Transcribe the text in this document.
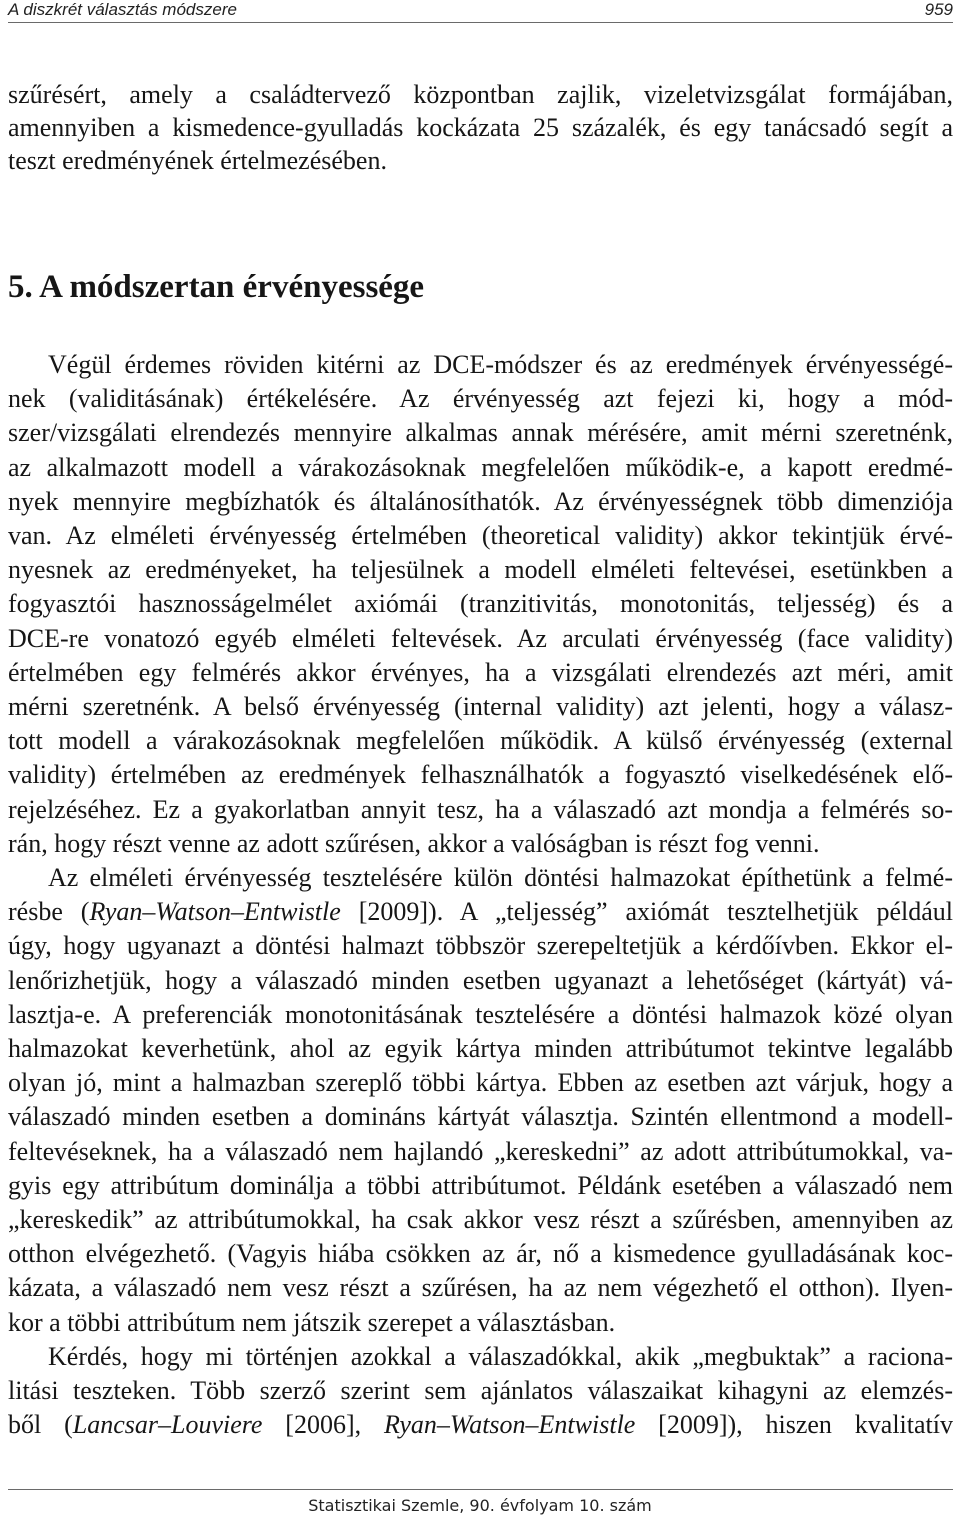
A diszkrét választás módszere	959
szűrésért, amely a családtervező központban zajlik, vizeletvizsgálat formájában,
amennyiben a kismedence-gyulladás kockázata 25 százalék, és egy tanácsadó segít a
teszt eredményének értelmezésében.
5. A módszertan érvényessége

Végül érdemes röviden kitérni az DCE-módszer és az eredmények érvényességé-
nek (validitásának) értékelésére. Az érvényesség azt fejezi ki, hogy a mód-
szer/vizsgálati elrendezés mennyire alkalmas annak mérésére, amit mérni szeretnénk,
az alkalmazott modell a várakozásoknak megfelelően működik-e, a kapott eredmé-
nyek mennyire megbízhatók és általánosíthatók. Az érvényességnek több dimenziója
van. Az elméleti érvényesség értelmében (theoretical validity) akkor tekintjük érvé-
nyesnek az eredményeket, ha teljesülnek a modell elméleti feltevései, esetünkben a
fogyasztói hasznosságelmélet axiómái (tranzitivitás, monotonitás, teljesség) és a
DCE-re vonatozó egyéb elméleti feltevések. Az arculati érvényesség (face validity)
értelmében egy felmérés akkor érvényes, ha a vizsgálati elrendezés azt méri, amit
mérni szeretnénk. A belső érvényesség (internal validity) azt jelenti, hogy a válasz-
tott modell a várakozásoknak megfelelően működik. A külső érvényesség (external
validity) értelmében az eredmények felhasználhatók a fogyasztó viselkedésének elő-
rejelzéséhez. Ez a gyakorlatban annyit tesz, ha a válaszadó azt mondja a felmérés so-
rán, hogy részt venne az adott szűrésen, akkor a valóságban is részt fog venni.

Az elméleti érvényesség tesztelésére külön döntési halmazokat építhetünk a felmé-
résbe (Ryan–Watson–Entwistle [2009]). A „teljesség” axiómát tesztelhetjük például
úgy, hogy ugyanazt a döntési halmazt többször szerepeltetjük a kérdőívben. Ekkor el-
lenőrizhetjük, hogy a válaszadó minden esetben ugyanazt a lehetőséget (kártyát) vá-
lasztja-e. A preferenciák monotonitásának tesztelésére a döntési halmazok közé olyan
halmazokat keverhetünk, ahol az egyik kártya minden attribútumot tekintve legalább
olyan jó, mint a halmazban szereplő többi kártya. Ebben az esetben azt várjuk, hogy a
válaszadó minden esetben a domináns kártyát választja. Szintén ellentmond a modell-
feltevéseknek, ha a válaszadó nem hajlandó „kereskedni” az adott attribútumokkal, va-
gyis egy attribútum dominálja a többi attribútumot. Példánk esetében a válaszadó nem
„kereskedik” az attribútumokkal, ha csak akkor vesz részt a szűrésben, amennyiben az
otthon elvégezhető. (Vagyis hiába csökken az ár, nő a kismedence gyulladásának koc-
kázata, a válaszadó nem vesz részt a szűrésen, ha az nem végezhető el otthon). Ilyen-
kor a többi attribútum nem játszik szerepet a választásban.

Kérdés, hogy mi történjen azokkal a válaszadókkal, akik „megbuktak” a raciona-
litási teszteken. Több szerző szerint sem ajánlatos válaszaikat kihagyni az elemzés-
ből (Lancsar–Louviere [2006], Ryan–Watson–Entwistle [2009]), hiszen kvalitatív

Statisztikai Szemle, 90. évfolyam 10. szám
